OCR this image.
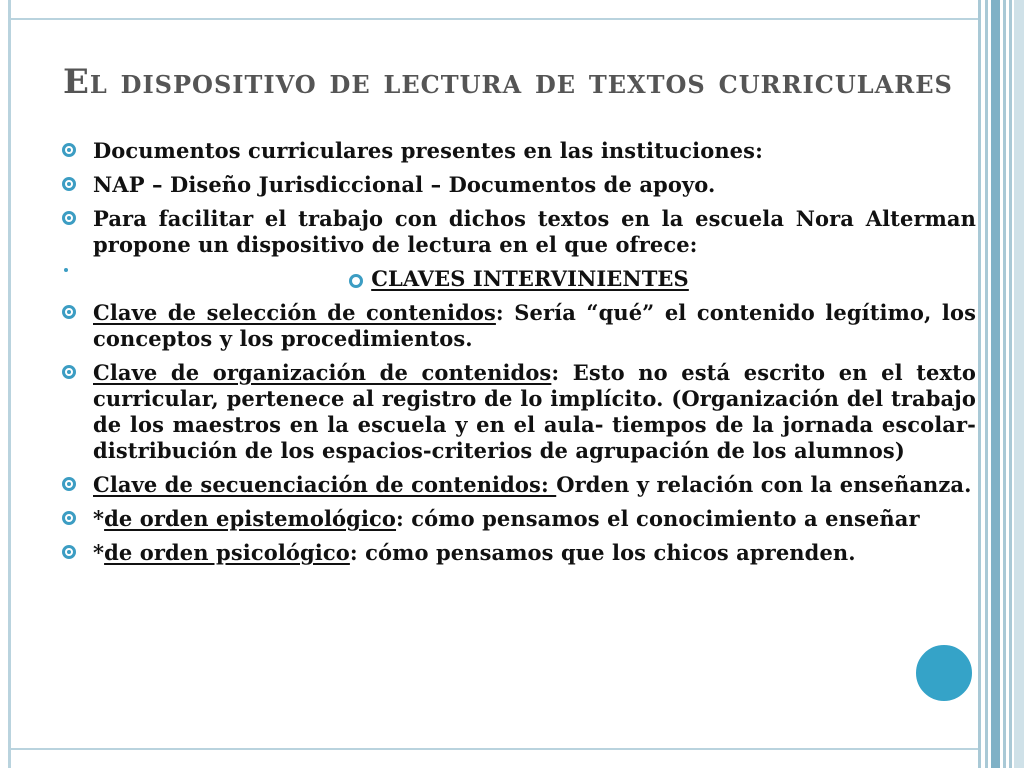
El dispositivo de lectura de textos curriculares
Documentos curriculares presentes en las instituciones:
NAP – Diseño Jurisdiccional – Documentos de apoyo.
Para facilitar el trabajo con dichos textos en la escuela Nora Alterman propone un dispositivo de lectura en el que ofrece:
CLAVES INTERVINIENTES
Clave de selección de contenidos: Sería “qué” el contenido legítimo, los conceptos y los procedimientos.
Clave de organización de contenidos: Esto no está escrito en el texto curricular, pertenece al registro de lo implícito. (Organización del trabajo de los maestros en la escuela y en el aula- tiempos de la jornada escolar-distribución de los espacios-criterios de agrupación de los alumnos)
Clave de secuenciación de contenidos: Orden y relación con la enseñanza.
*de orden epistemológico: cómo pensamos el conocimiento a enseñar
*de orden psicológico: cómo pensamos que los chicos aprenden.
